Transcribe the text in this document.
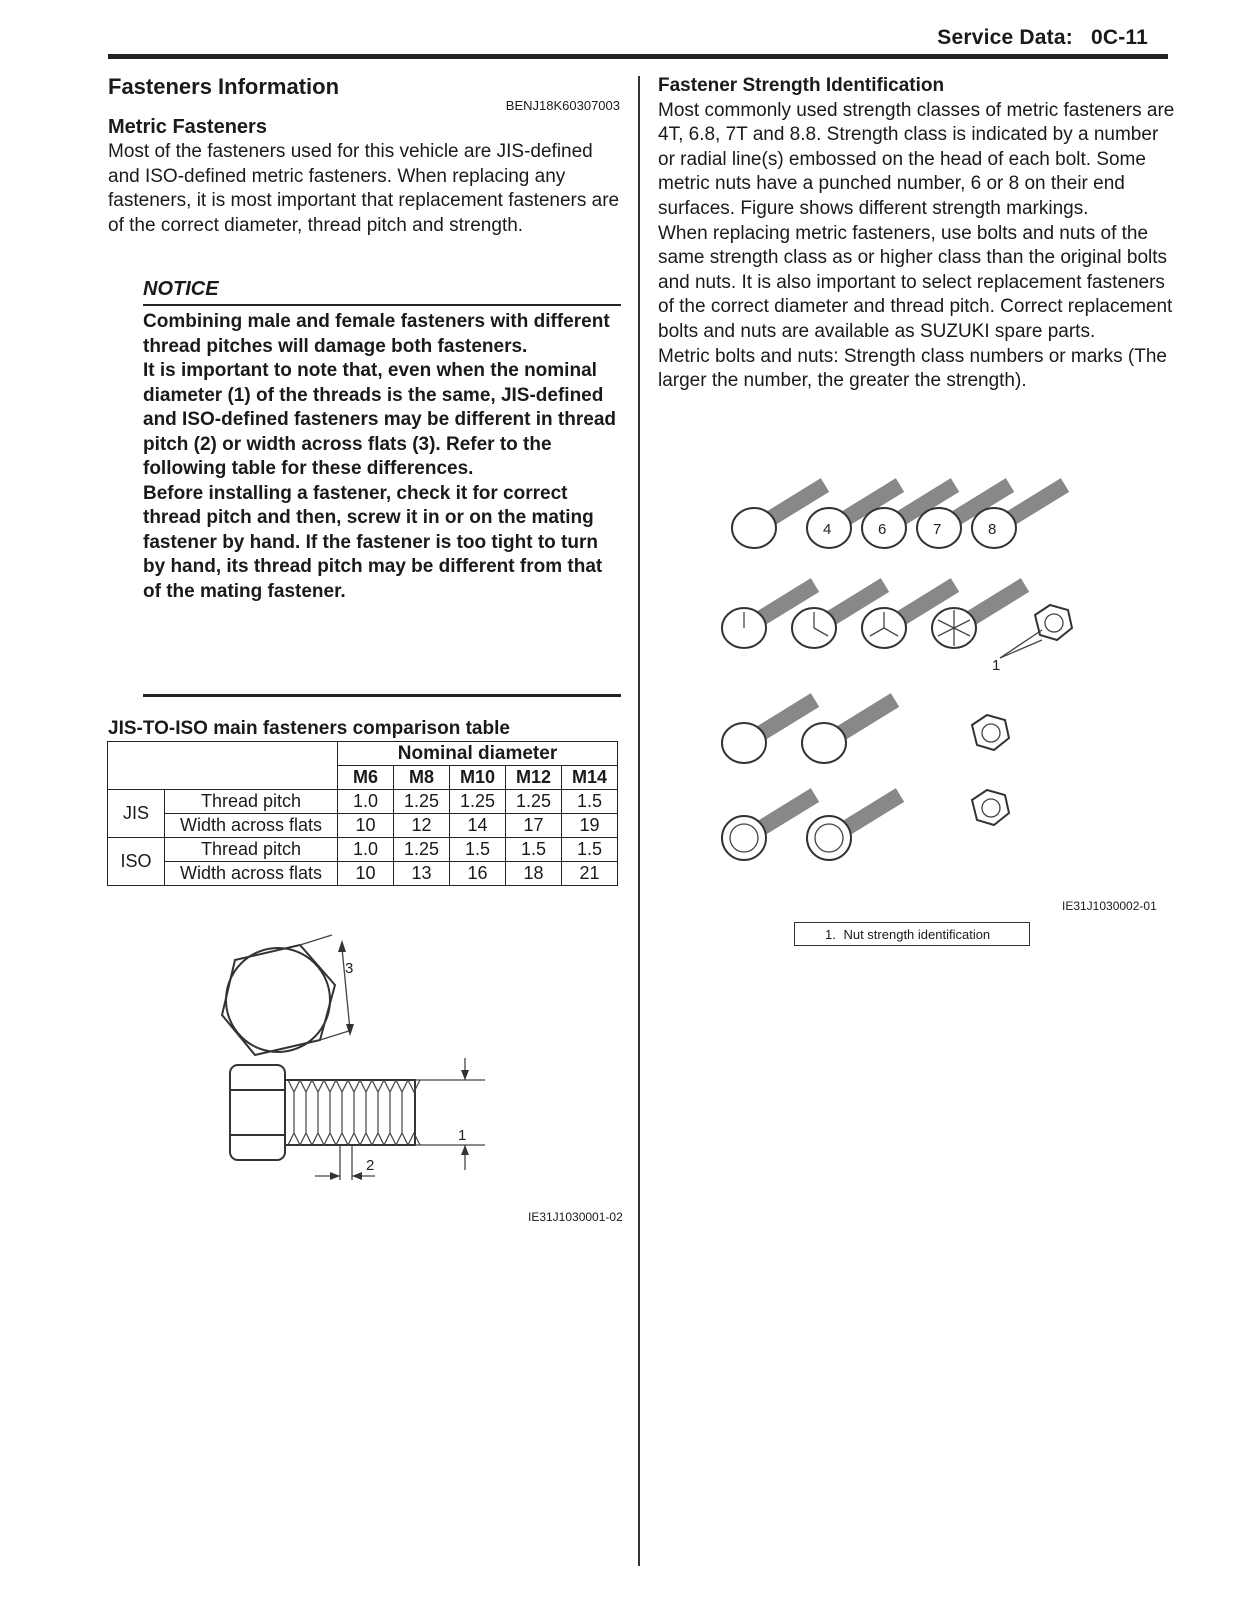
Service Data: 0C-11
Fasteners Information
BENJ18K60307003
Metric Fasteners
Most of the fasteners used for this vehicle are JIS-defined and ISO-defined metric fasteners. When replacing any fasteners, it is most important that replacement fasteners are of the correct diameter, thread pitch and strength.
NOTICE

Combining male and female fasteners with different thread pitches will damage both fasteners.

It is important to note that, even when the nominal diameter (1) of the threads is the same, JIS-defined and ISO-defined fasteners may be different in thread pitch (2) or width across flats (3). Refer to the following table for these differences.

Before installing a fastener, check it for correct thread pitch and then, screw it in or on the mating fastener by hand. If the fastener is too tight to turn by hand, its thread pitch may be different from that of the mating fastener.

JIS-TO-ISO main fasteners comparison table
		Nominal diameter				
		M6	M8	M10	M12	M14
JIS	Thread pitch	1.0	1.25	1.25	1.25	1.5
	Width across flats	10	12	14	17	19
ISO	Thread pitch	1.0	1.25	1.5	1.5	1.5
	Width across flats	10	13	16	18	21
3
1
2
IE31J1030001-02

Fastener Strength Identification

Most commonly used strength classes of metric fasteners are 4T, 6.8, 7T and 8.8. Strength class is indicated by a number or radial line(s) embossed on the head of each bolt. Some metric nuts have a punched number, 6 or 8 on their end surfaces. Figure shows different strength markings.

When replacing metric fasteners, use bolts and nuts of the same strength class as or higher class than the original bolts and nuts. It is also important to select replacement fasteners of the correct diameter and thread pitch. Correct replacement bolts and nuts are available as SUZUKI spare parts.

Metric bolts and nuts: Strength class numbers or marks (The larger the number, the greater the strength).

4	6	7	8
1
IE31J1030002-01
1. Nut strength identification
